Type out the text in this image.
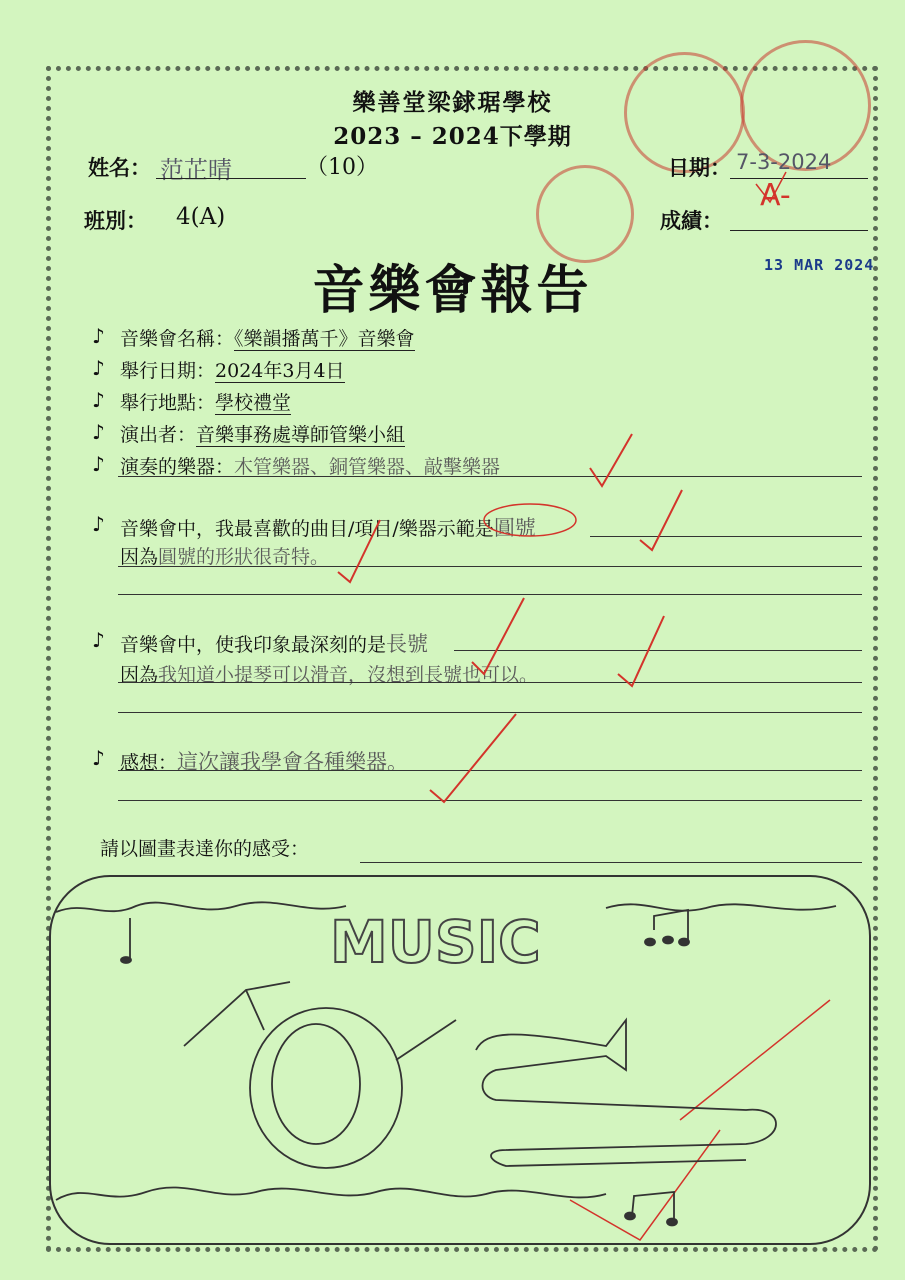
樂善堂梁銶琚學校
2023 – 2024下學期
姓名： 范芷晴	（10）	日期： 7-3-2024
班別： 4(A)	成績：
A-
13 MAR 2024
音樂會報告
♪ 音樂會名稱：《樂韻播萬千》音樂會
♪ 舉行日期：2024年3月4日
♪ 舉行地點：學校禮堂
♪ 演出者：音樂事務處導師管樂小組
♪ 演奏的樂器：木管樂器、銅管樂器、敲擊樂器
♪ 音樂會中，我最喜歡的曲目/項目/樂器示範是圓號
因為圓號的形狀很奇特。
♪ 音樂會中，使我印象最深刻的是長號
因為我知道小提琴可以滑音，沒想到長號也可以。
♪ 感想：這次讓我學會各種樂器。
請以圖畫表達你的感受：
MUSIC
